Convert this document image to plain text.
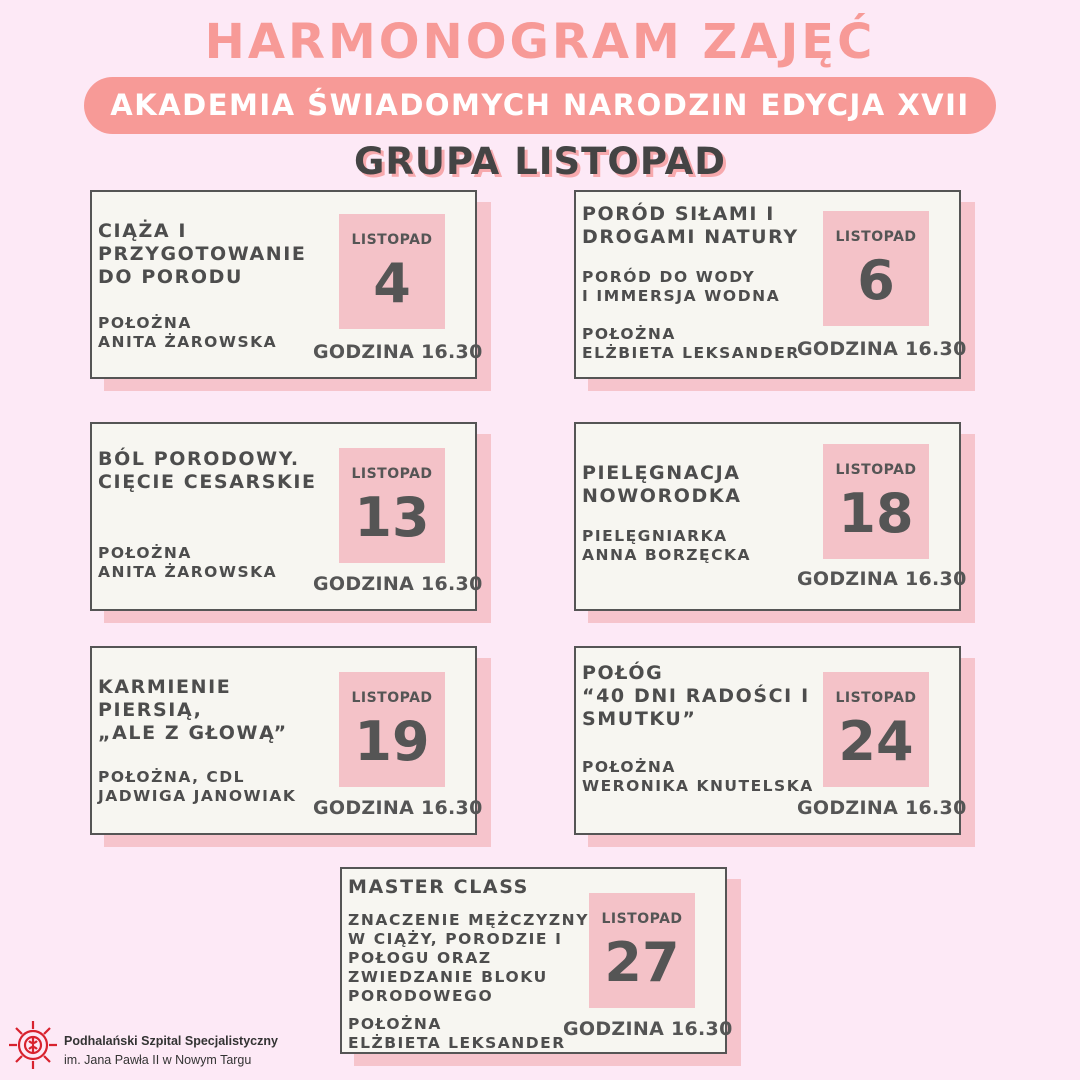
HARMONOGRAM ZAJĘĆ
AKADEMIA ŚWIADOMYCH NARODZIN EDYCJA XVII
GRUPA LISTOPAD
CIĄŻA I
PRZYGOTOWANIE
DO PORODU
POŁOŻNA
ANITA ŻAROWSKA
LISTOPAD
4
GODZINA 16.30
PORÓD SIŁAMI I
DROGAMI NATURY
PORÓD DO WODY
I IMMERSJA WODNA
POŁOŻNA
ELŻBIETA LEKSANDER
LISTOPAD
6
GODZINA 16.30
BÓL PORODOWY.
CIĘCIE CESARSKIE
POŁOŻNA
ANITA ŻAROWSKA
LISTOPAD
13
GODZINA 16.30
PIELĘGNACJA
NOWORODKA
PIELĘGNIARKA
ANNA BORZĘCKA
LISTOPAD
18
GODZINA 16.30
KARMIENIE
PIERSIĄ,
„ALE Z GŁOWĄ”
POŁOŻNA, CDL
JADWIGA JANOWIAK
LISTOPAD
19
GODZINA 16.30
POŁÓG
“40 DNI RADOŚCI I
SMUTKU”
POŁOŻNA
WERONIKA KNUTELSKA
LISTOPAD
24
GODZINA 16.30
MASTER CLASS
ZNACZENIE MĘŻCZYZNY
W CIĄŻY, PORODZIE I
POŁOGU ORAZ
ZWIEDZANIE BLOKU
PORODOWEGO
POŁOŻNA
ELŻBIETA LEKSANDER
LISTOPAD
27
GODZINA 16.30
Podhalański Szpital Specjalistyczny
im. Jana Pawła II w Nowym Targu
